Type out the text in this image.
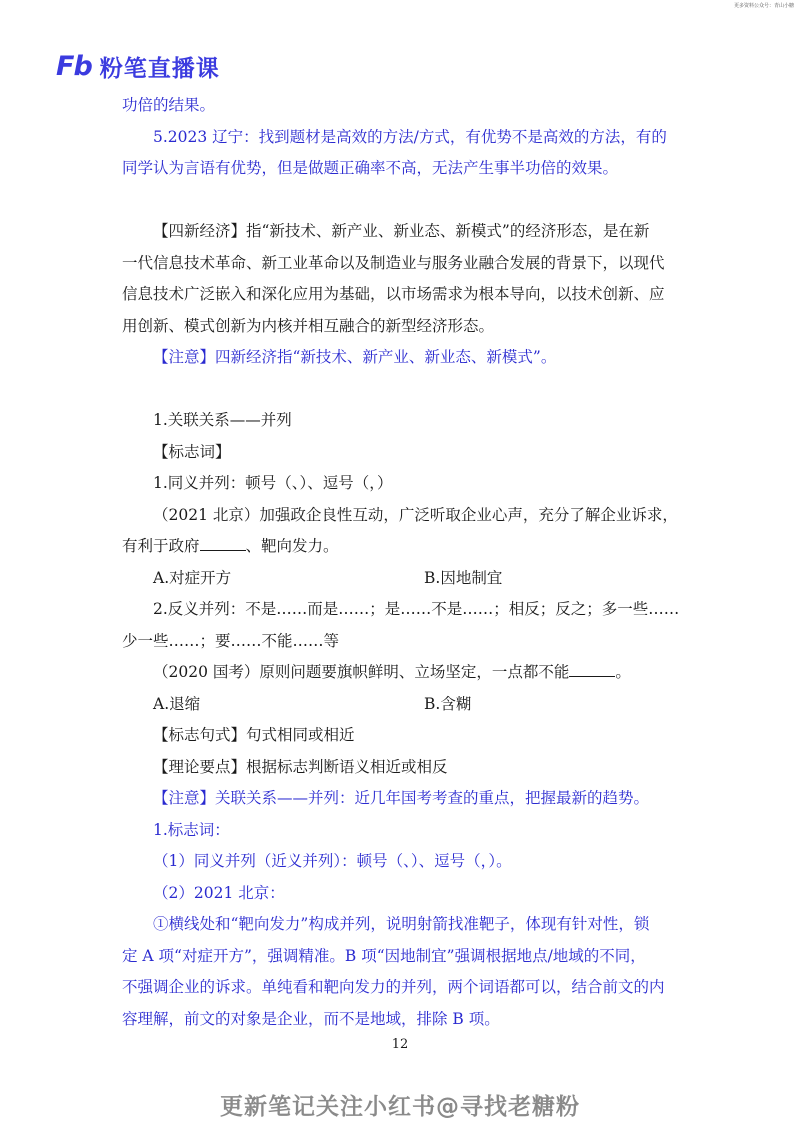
更多资料公众号：青山小糖
Fb 粉笔直播课

功倍的结果。

5.2023 辽宁：找到题材是高效的方法/方式，有优势不是高效的方法，有的

同学认为言语有优势，但是做题正确率不高，无法产生事半功倍的效果。

【四新经济】指“新技术、新产业、新业态、新模式”的经济形态，是在新

一代信息技术革命、新工业革命以及制造业与服务业融合发展的背景下，以现代

信息技术广泛嵌入和深化应用为基础，以市场需求为根本导向，以技术创新、应

用创新、模式创新为内核并相互融合的新型经济形态。

【注意】四新经济指“新技术、新产业、新业态、新模式”。

1.关联关系——并列

【标志词】

1.同义并列：顿号（、）、逗号（，）

（2021 北京）加强政企良性互动，广泛听取企业心声，充分了解企业诉求，

有利于政府	、靶向发力。

A.对症开方	B.因地制宜

2.反义并列：不是……而是……；是……不是……；相反；反之；多一些……

少一些……；要……不能……等

（2020 国考）原则问题要旗帜鲜明、立场坚定，一点都不能	。

A.退缩	B.含糊

【标志句式】句式相同或相近

【理论要点】根据标志判断语义相近或相反

【注意】关联关系——并列：近几年国考考查的重点，把握最新的趋势。

1.标志词：

（1）同义并列（近义并列）：顿号（、）、逗号（，）。

（2）2021 北京：

①横线处和“靶向发力”构成并列，说明射箭找准靶子，体现有针对性，锁

定 A 项“对症开方”，强调精准。B 项“因地制宜”强调根据地点/地域的不同，

不强调企业的诉求。单纯看和靶向发力的并列，两个词语都可以，结合前文的内

容理解，前文的对象是企业，而不是地域，排除 B 项。

12
更新笔记关注小红书@寻找老糖粉
